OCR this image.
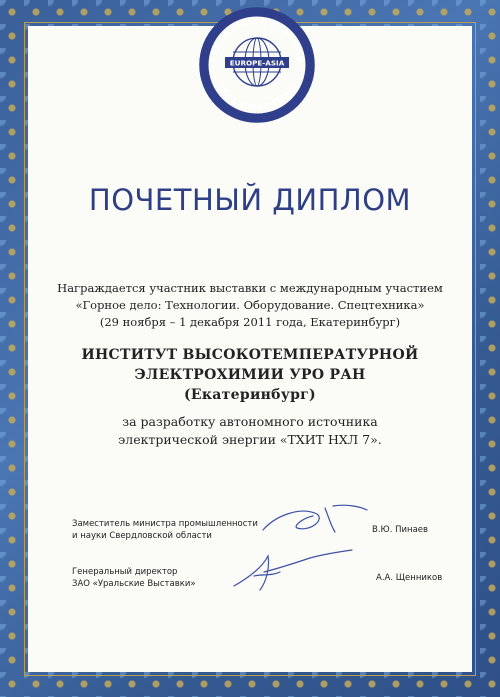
УРАЛЬСКИЕ ВЫСТАВКИ
URAL EXHIBITIONS
EUROPE-ASIA
ПОЧЕТНЫЙ ДИПЛОМ
Награждается участник выставки с международным участием
«Горное дело: Технологии. Оборудование. Спецтехника»
(29 ноября – 1 декабря 2011 года, Екатеринбург)
ИНСТИТУТ ВЫСОКОТЕМПЕРАТУРНОЙ
ЭЛЕКТРОХИМИИ УРО РАН
(Екатеринбург)
за разработку автономного источника
электрической энергии «ТХИТ НХЛ 7».
Заместитель министра промышленности
и науки Свердловской области
В.Ю. Пинаев
Генеральный директор
ЗАО «Уральские Выставки»
А.А. Щенников
